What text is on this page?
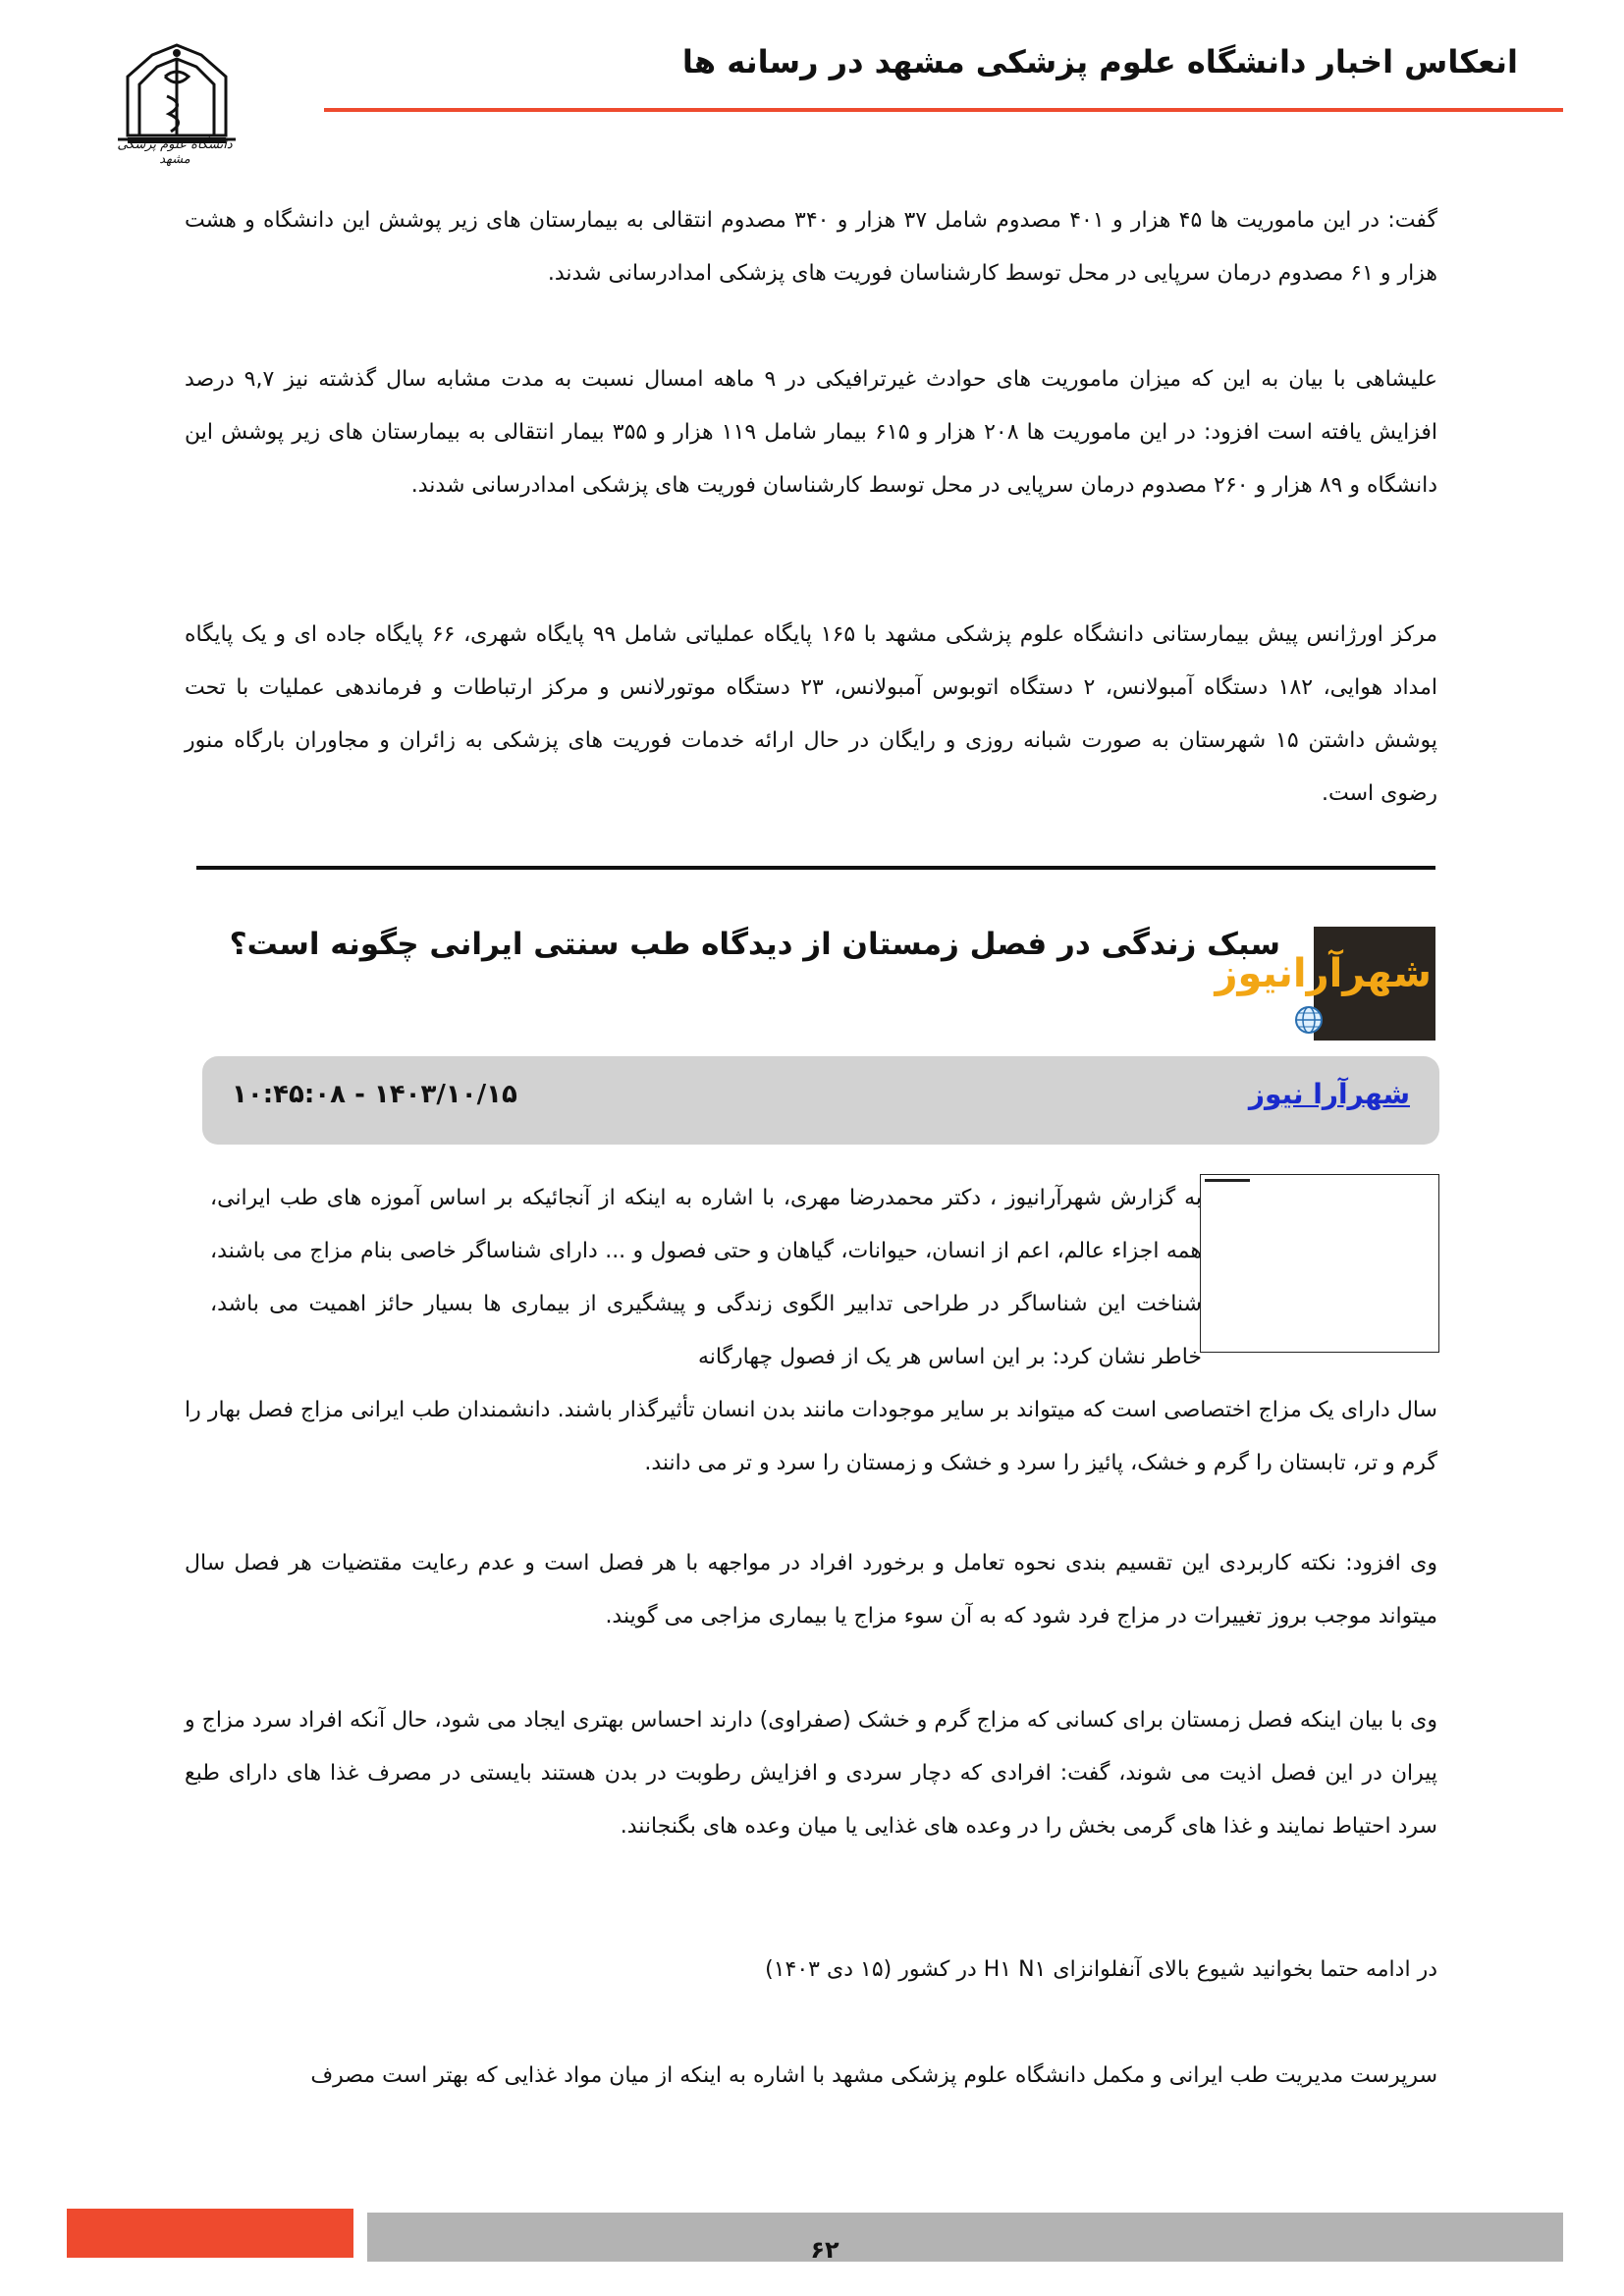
انعکاس اخبار دانشگاه علوم پزشکی مشهد در رسانه ها
دانشگاه علوم پزشکی مشهد

گفت: در این ماموریت ها ۴۵ هزار و ۴۰۱ مصدوم شامل ۳۷ هزار و ۳۴۰ مصدوم انتقالی به بیمارستان های زیر پوشش این دانشگاه و هشت هزار و ۶۱ مصدوم درمان سرپایی در محل توسط کارشناسان فوریت های پزشکی امدادرسانی شدند.

علیشاهی با بیان به این که میزان ماموریت های حوادث غیرترافیکی در ۹ ماهه امسال نسبت به مدت مشابه سال گذشته نیز ۹,۷ درصد افزایش یافته است افزود: در این ماموریت ها ۲۰۸ هزار و ۶۱۵ بیمار شامل ۱۱۹ هزار و ۳۵۵ بیمار انتقالی به بیمارستان های زیر پوشش این دانشگاه و ۸۹ هزار و ۲۶۰ مصدوم درمان سرپایی در محل توسط کارشناسان فوریت های پزشکی امدادرسانی شدند.

مرکز اورژانس پیش بیمارستانی دانشگاه علوم پزشکی مشهد با ۱۶۵ پایگاه عملیاتی شامل ۹۹ پایگاه شهری، ۶۶ پایگاه جاده ای و یک پایگاه امداد هوایی، ۱۸۲ دستگاه آمبولانس، ۲ دستگاه اتوبوس آمبولانس، ۲۳ دستگاه موتورلانس و مرکز ارتباطات و فرماندهی عملیات با تحت پوشش داشتن ۱۵ شهرستان به صورت شبانه روزی و رایگان در حال ارائه خدمات فوریت های پزشکی به زائران و مجاوران بارگاه منور رضوی است.

سبک زندگی در فصل زمستان از دیدگاه طب سنتی ایرانی چگونه است؟
شهرآرانیوز
شهرآرا نیوز
۱۴۰۳/۱۰/۱۵ - ۱۰:۴۵:۰۸

به گزارش شهرآرانیوز ، دکتر محمدرضا مهری، با اشاره به اینکه از آنجائیکه بر اساس آموزه های طب ایرانی، همه اجزاء عالم، اعم از انسان، حیوانات، گیاهان و حتی فصول و ... دارای شناساگر خاصی بنام مزاج می باشند، شناخت این شناساگر در طراحی تدابیر الگوی زندگی و پیشگیری از بیماری ها بسیار حائز اهمیت می باشد، خاطر نشان کرد: بر این اساس هر یک از فصول چهارگانه

سال دارای یک مزاج اختصاصی است که میتواند بر سایر موجودات مانند بدن انسان تأثیرگذار باشند. دانشمندان طب ایرانی مزاج فصل بهار را گرم و تر، تابستان را گرم و خشک، پائیز را سرد و خشک و زمستان را سرد و تر می دانند.

وی افزود: نکته کاربردی این تقسیم بندی نحوه تعامل و برخورد افراد در مواجهه با هر فصل است و عدم رعایت مقتضیات هر فصل سال میتواند موجب بروز تغییرات در مزاج فرد شود که به آن سوء مزاج یا بیماری مزاجی می گویند.

وی با بیان اینکه فصل زمستان برای کسانی که مزاج گرم و خشک (صفراوی) دارند احساس بهتری ایجاد می شود، حال آنکه افراد سرد مزاج و پیران در این فصل اذیت می شوند، گفت: افرادی که دچار سردی و افزایش رطوبت در بدن هستند بایستی در مصرف غذا های دارای طبع سرد احتیاط نمایند و غذا های گرمی بخش را در وعده های غذایی یا میان وعده های بگنجانند.

در ادامه حتما بخوانید شیوع بالای آنفلوانزای H۱ N۱ در کشور (۱۵ دی ۱۴۰۳)

سرپرست مدیریت طب ایرانی و مکمل دانشگاه علوم پزشکی مشهد با اشاره به اینکه از میان مواد غذایی که بهتر است مصرف

۶۲
